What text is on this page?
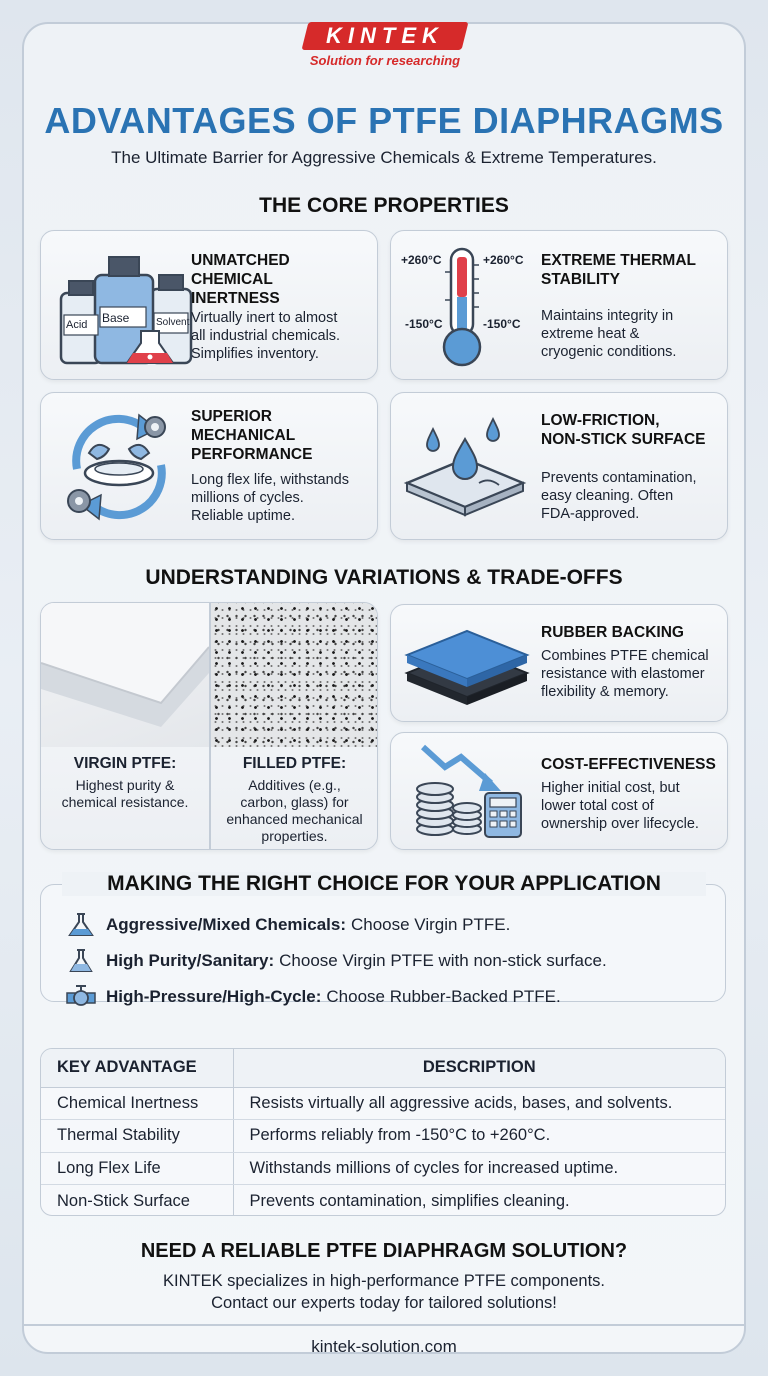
KINTEK
Solution for researching
ADVANTAGES OF PTFE DIAPHRAGMS
The Ultimate Barrier for Aggressive Chemicals & Extreme Temperatures.
THE CORE PROPERTIES
Acid Base	Solvent
UNMATCHED
CHEMICAL
INERTNESS
Virtually inert to almost
all industrial chemicals.
Simplifies inventory.
+260°C	+260°C
-150°C	-150°C
EXTREME THERMAL
STABILITY
Maintains integrity in
extreme heat &
cryogenic conditions.
SUPERIOR
MECHANICAL
PERFORMANCE
Long flex life, withstands
millions of cycles.
Reliable uptime.
LOW-FRICTION,
NON-STICK SURFACE
Prevents contamination,
easy cleaning. Often
FDA-approved.
UNDERSTANDING VARIATIONS & TRADE-OFFS
VIRGIN PTFE:
Highest purity &
chemical resistance.
FILLED PTFE:
Additives (e.g.,
carbon, glass) for
enhanced mechanical
properties.
RUBBER BACKING
Combines PTFE chemical
resistance with elastomer
flexibility & memory.
COST-EFFECTIVENESS
Higher initial cost, but
lower total cost of
ownership over lifecycle.
MAKING THE RIGHT CHOICE FOR YOUR APPLICATION
Aggressive/Mixed Chemicals: Choose Virgin PTFE.
High Purity/Sanitary: Choose Virgin PTFE with non-stick surface.
High-Pressure/High-Cycle: Choose Rubber-Backed PTFE.
KEY ADVANTAGE	DESCRIPTION
Chemical Inertness	Resists virtually all aggressive acids, bases, and solvents.
Thermal Stability	Performs reliably from -150°C to +260°C.
Long Flex Life	Withstands millions of cycles for increased uptime.
Non-Stick Surface	Prevents contamination, simplifies cleaning.
NEED A RELIABLE PTFE DIAPHRAGM SOLUTION?
KINTEK specializes in high-performance PTFE components.
Contact our experts today for tailored solutions!
kintek-solution.com
